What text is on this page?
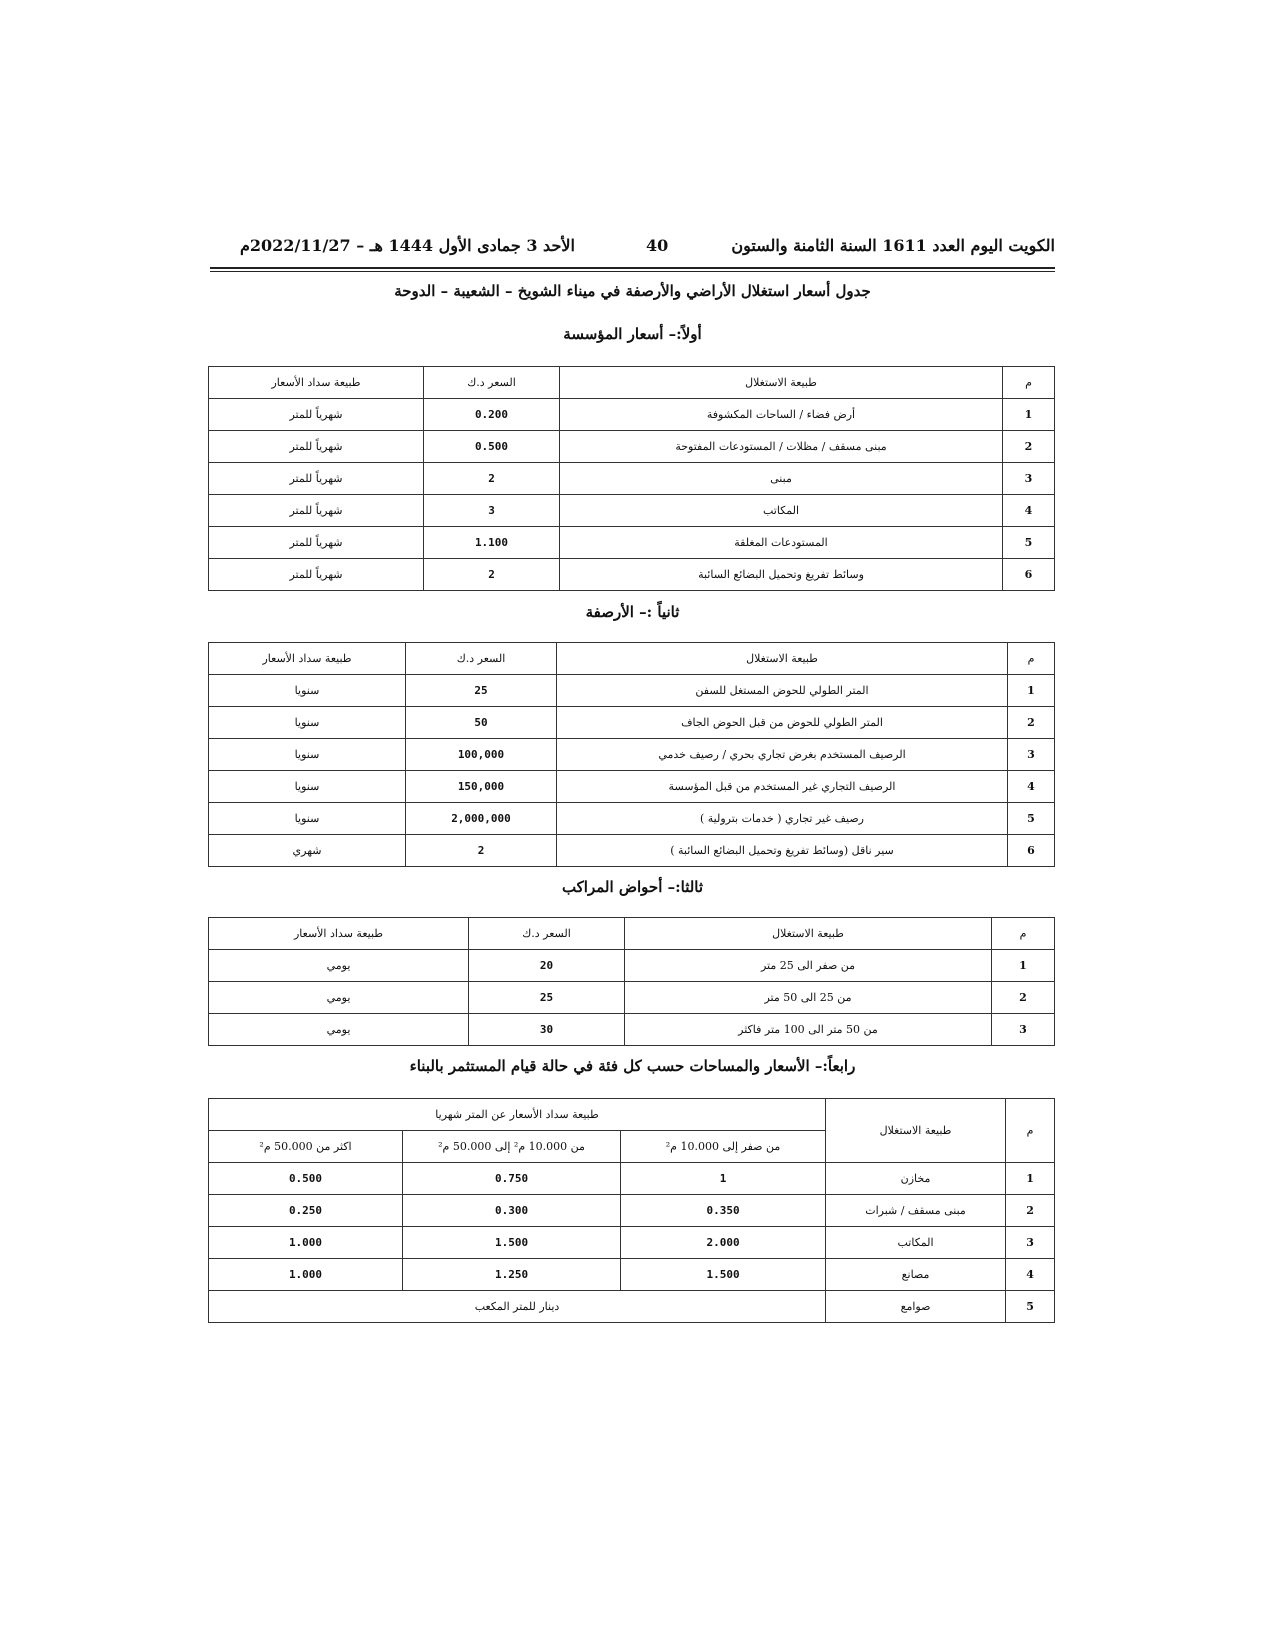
الكويت اليوم العدد 1611 السنة الثامنة والستون
40
الأحد 3 جمادى الأول 1444 هـ – 2022/11/27م
جدول أسعار استغلال الأراضي والأرصفة في ميناء الشويخ – الشعيبة – الدوحة
أولاً:– أسعار المؤسسة
م	طبيعة الاستغلال	السعر د.ك	طبيعة سداد الأسعار
1	أرض فضاء / الساحات المكشوفة	0.200	شهرياً للمتر
2	مبنى مسقف / مظلات / المستودعات المفتوحة	0.500	شهرياً للمتر
3	مبنى	2	شهرياً للمتر
4	المكاتب	3	شهرياً للمتر
5	المستودعات المغلقة	1.100	شهرياً للمتر
6	وسائط تفريغ وتحميل البضائع السائبة	2	شهرياً للمتر
ثانياً :– الأرصفة
م	طبيعة الاستغلال	السعر د.ك	طبيعة سداد الأسعار
1	المتر الطولي للحوض المستغل للسفن	25	سنويا
2	المتر الطولي للحوض من قبل الحوض الجاف	50	سنويا
3	الرصيف المستخدم بغرض تجاري بحري / رصيف خدمي	100,000	سنويا
4	الرصيف التجاري غير المستخدم من قبل المؤسسة	150,000	سنويا
5	رصيف غير تجاري ( خدمات بترولية )	2,000,000	سنويا
6	سير ناقل (وسائط تفريغ وتحميل البضائع السائبة )	2	شهري
ثالثا:– أحواض المراكب
م	طبيعة الاستغلال	السعر د.ك	طبيعة سداد الأسعار
1	من صفر الى 25 متر	20	يومي
2	من 25 الى 50 متر	25	يومي
3	من 50 متر الى 100 متر فاكثر	30	يومي
رابعاً:– الأسعار والمساحات حسب كل فئة في حالة قيام المستثمر بالبناء
م	طبيعة الاستغلال	طبيعة سداد الأسعار عن المتر شهريا		
		من صفر إلى 10.000 م²	من 10.000 م² إلى 50.000 م²	اكثر من 50.000 م²
1	مخازن	1	0.750	0.500
2	مبنى مسقف / شبرات	0.350	0.300	0.250
3	المكاتب	2.000	1.500	1.000
4	مصانع	1.500	1.250	1.000
5	صوامع	دينار للمتر المكعب		
